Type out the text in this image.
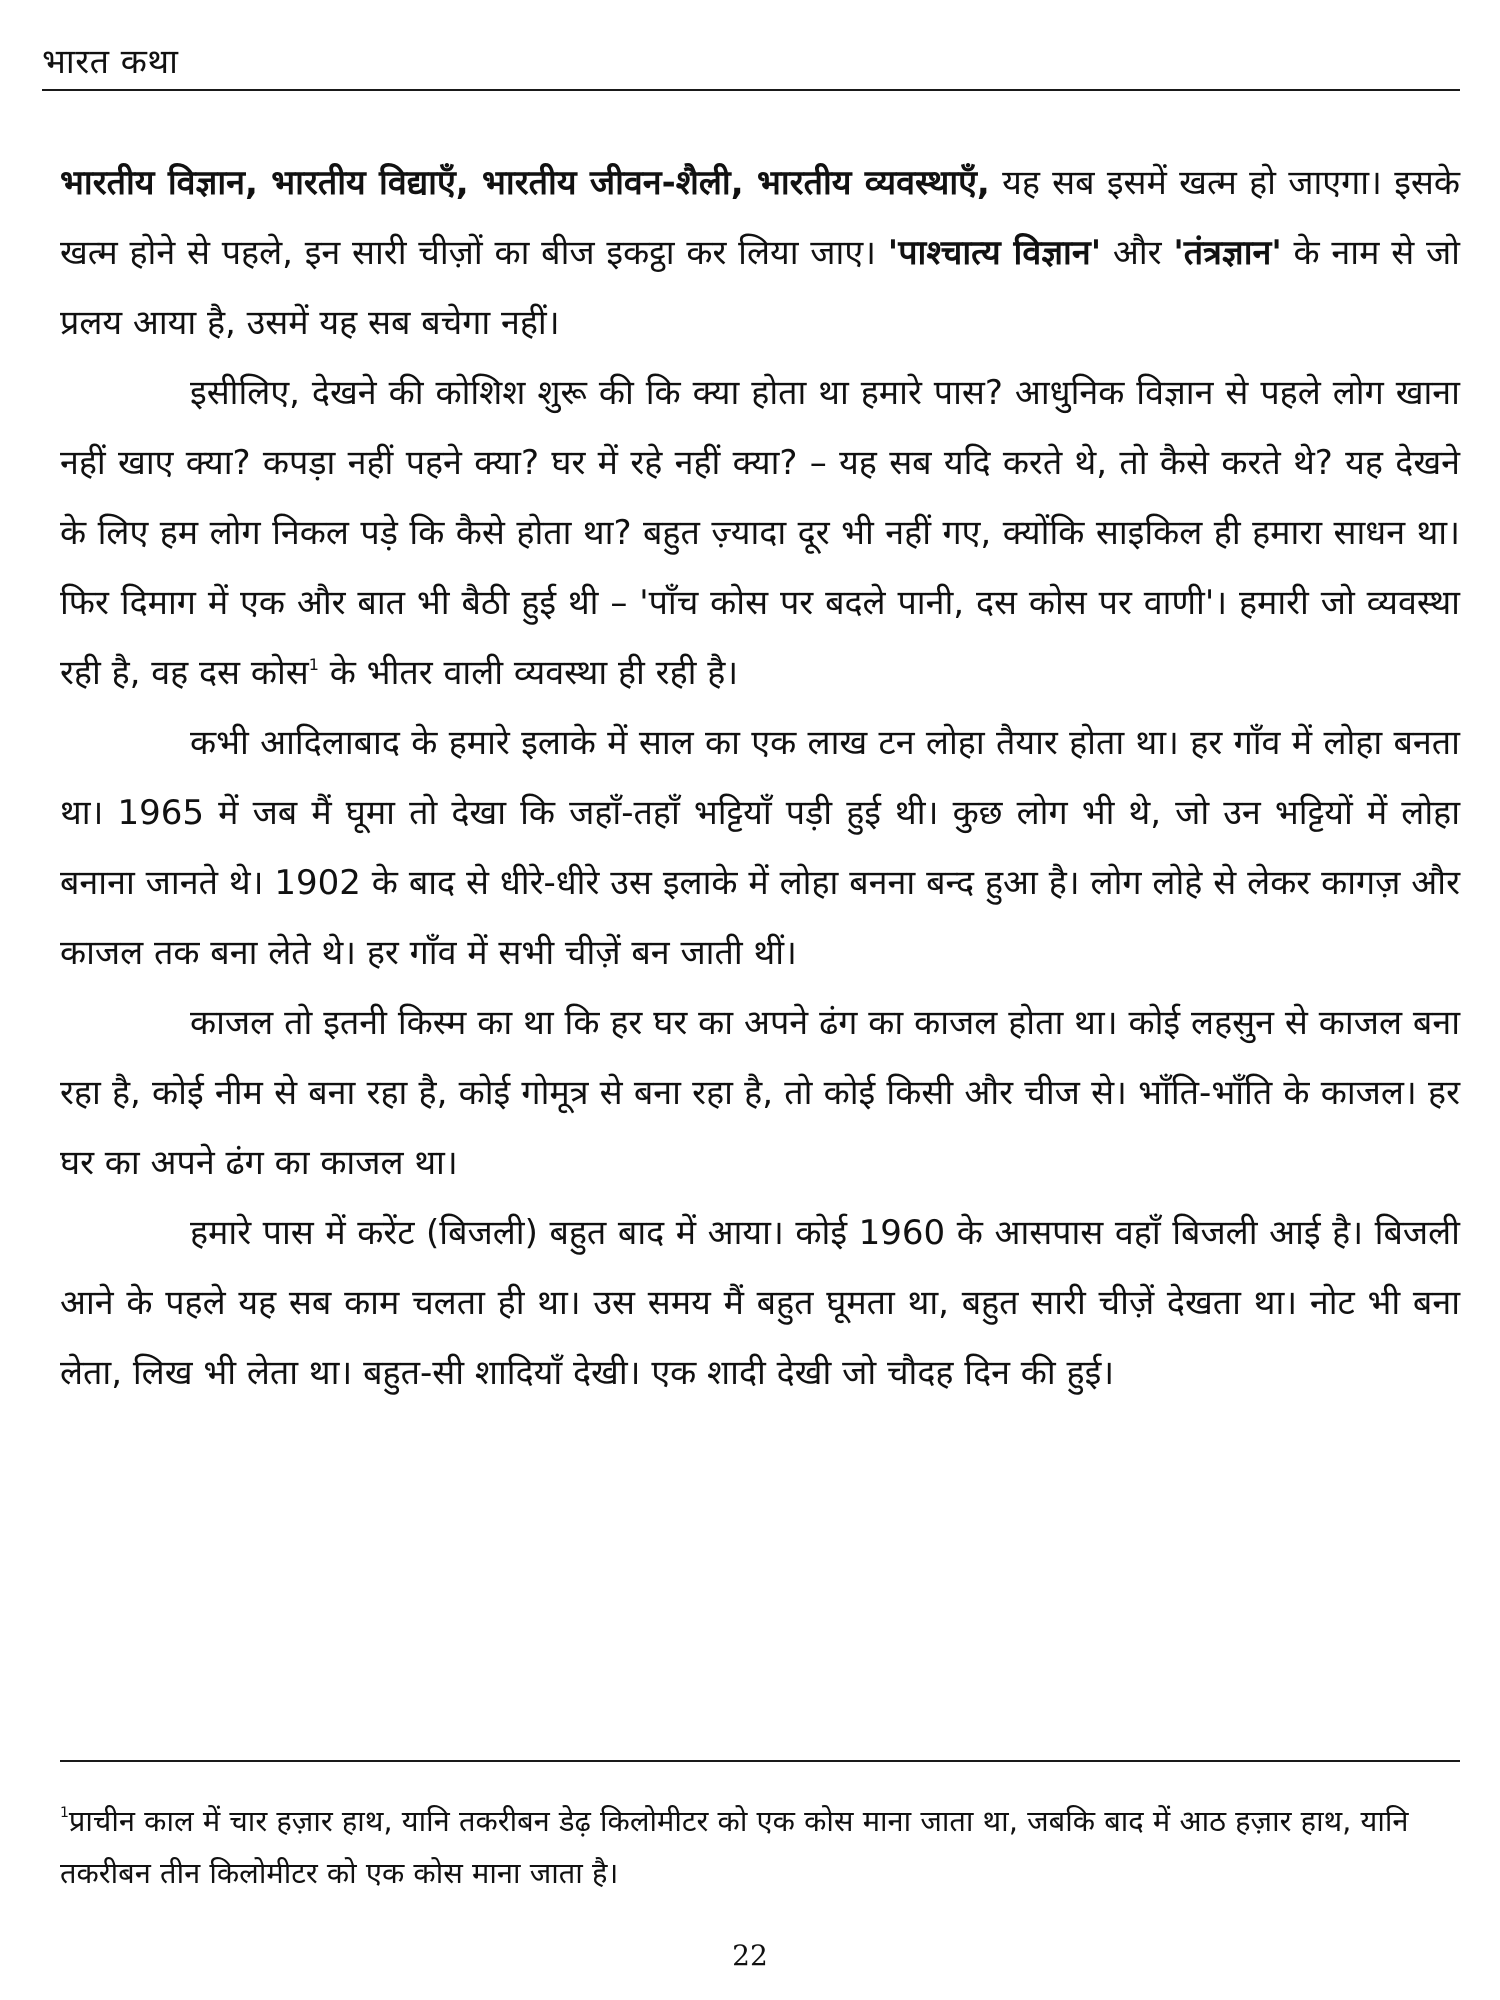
भारत कथा

भारतीय विज्ञान, भारतीय विद्याएँ, भारतीय जीवन-शैली, भारतीय व्यवस्थाएँ, यह सब इसमें खत्म हो जाएगा। इसके खत्म होने से पहले, इन सारी चीज़ों का बीज इकट्ठा कर लिया जाए। 'पाश्चात्य विज्ञान' और 'तंत्रज्ञान' के नाम से जो प्रलय आया है, उसमें यह सब बचेगा नहीं।

इसीलिए, देखने की कोशिश शुरू की कि क्या होता था हमारे पास? आधुनिक विज्ञान से पहले लोग खाना नहीं खाए क्या? कपड़ा नहीं पहने क्या? घर में रहे नहीं क्या? – यह सब यदि करते थे, तो कैसे करते थे? यह देखने के लिए हम लोग निकल पड़े कि कैसे होता था? बहुत ज़्यादा दूर भी नहीं गए, क्योंकि साइकिल ही हमारा साधन था। फिर दिमाग में एक और बात भी बैठी हुई थी – 'पाँच कोस पर बदले पानी, दस कोस पर वाणी'। हमारी जो व्यवस्था रही है, वह दस कोस$^1$ के भीतर वाली व्यवस्था ही रही है।

कभी आदिलाबाद के हमारे इलाके में साल का एक लाख टन लोहा तैयार होता था। हर गाँव में लोहा बनता था। 1965 में जब मैं घूमा तो देखा कि जहाँ-तहाँ भट्टियाँ पड़ी हुई थी। कुछ लोग भी थे, जो उन भट्टियों में लोहा बनाना जानते थे। 1902 के बाद से धीरे-धीरे उस इलाके में लोहा बनना बन्द हुआ है। लोग लोहे से लेकर कागज़ और काजल तक बना लेते थे। हर गाँव में सभी चीज़ें बन जाती थीं।

काजल तो इतनी किस्म का था कि हर घर का अपने ढंग का काजल होता था। कोई लहसुन से काजल बना रहा है, कोई नीम से बना रहा है, कोई गोमूत्र से बना रहा है, तो कोई किसी और चीज से। भाँति-भाँति के काजल। हर घर का अपने ढंग का काजल था।

हमारे पास में करेंट (बिजली) बहुत बाद में आया। कोई 1960 के आसपास वहाँ बिजली आई है। बिजली आने के पहले यह सब काम चलता ही था। उस समय मैं बहुत घूमता था, बहुत सारी चीज़ें देखता था। नोट भी बना लेता, लिख भी लेता था। बहुत-सी शादियाँ देखी। एक शादी देखी जो चौदह दिन की हुई।

$^1$प्राचीन काल में चार हज़ार हाथ, यानि तकरीबन डेढ़ किलोमीटर को एक कोस माना जाता था, जबकि बाद में आठ हज़ार हाथ, यानि तकरीबन तीन किलोमीटर को एक कोस माना जाता है।

22
